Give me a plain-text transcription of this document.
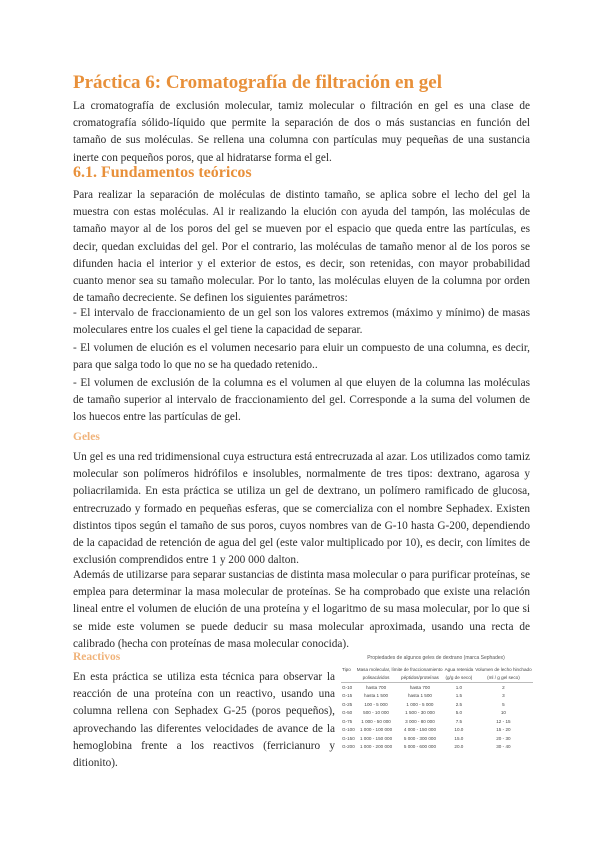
Práctica 6: Cromatografía de filtración en gel

La cromatografía de exclusión molecular, tamiz molecular o filtración en gel es una clase de cromatografía sólido-líquido que permite la separación de dos o más sustancias en función del tamaño de sus moléculas. Se rellena una columna con partículas muy pequeñas de una sustancia inerte con pequeños poros, que al hidratarse forma el gel.

6.1. Fundamentos teóricos

Para realizar la separación de moléculas de distinto tamaño, se aplica sobre el lecho del gel la muestra con estas moléculas. Al ir realizando la elución con ayuda del tampón, las moléculas de tamaño mayor al de los poros del gel se mueven por el espacio que queda entre las partículas, es decir, quedan excluidas del gel. Por el contrario, las moléculas de tamaño menor al de los poros se difunden hacia el interior y el exterior de estos, es decir, son retenidas, con mayor probabilidad cuanto menor sea su tamaño molecular. Por lo tanto, las moléculas eluyen de la columna por orden de tamaño decreciente. Se definen los siguientes parámetros:

- El intervalo de fraccionamiento de un gel son los valores extremos (máximo y mínimo) de masas moleculares entre los cuales el gel tiene la capacidad de separar.

- El volumen de elución es el volumen necesario para eluir un compuesto de una columna, es decir, para que salga todo lo que no se ha quedado retenido..

- El volumen de exclusión de la columna es el volumen al que eluyen de la columna las moléculas de tamaño superior al intervalo de fraccionamiento del gel. Corresponde a la suma del volumen de los huecos entre las partículas de gel.

Geles

Un gel es una red tridimensional cuya estructura está entrecruzada al azar. Los utilizados como tamiz molecular son polímeros hidrófilos e insolubles, normalmente de tres tipos: dextrano, agarosa y poliacrilamida. En esta práctica se utiliza un gel de dextrano, un polímero ramificado de glucosa, entrecruzado y formado en pequeñas esferas, que se comercializa con el nombre Sephadex. Existen distintos tipos según el tamaño de sus poros, cuyos nombres van de G-10 hasta G-200, dependiendo de la capacidad de retención de agua del gel (este valor multiplicado por 10), es decir, con límites de exclusión comprendidos entre 1 y 200 000 dalton.

Además de utilizarse para separar sustancias de distinta masa molecular o para purificar proteínas, se emplea para determinar la masa molecular de proteínas. Se ha comprobado que existe una relación lineal entre el volumen de elución de una proteína y el logaritmo de su masa molecular, por lo que si se mide este volumen se puede deducir su masa molecular aproximada, usando una recta de calibrado (hecha con proteínas de masa molecular conocida).

Reactivos

En esta práctica se utiliza esta técnica para observar la reacción de una proteína con un reactivo, usando una columna rellena con Sephadex G-25 (poros pequeños), aprovechando las diferentes velocidades de avance de la hemoglobina frente a los reactivos (ferricianuro y ditionito).

Propiedades de algunos geles de dextrano (marca Sephadex)
Tipo	Masa molecular, límite de fraccionamiento		Agua retenida	Volumen de lecho hinchado
	polisacáridos	péptidos/proteínas	(g/g de seco)	(ml / g gel seco)
G-10	hasta 700	hasta 700	1.0	2
G-15	hasta 1 500	hasta 1 500	1.5	3
G-25	100 - 5 000	1 000 - 5 000	2.5	5
G-50	500 - 10 000	1 500 - 30 000	5.0	10
G-75	1 000 - 50 000	3 000 - 80 000	7.5	12 - 15
G-100	1 000 - 100 000	4 000 - 150 000	10.0	15 - 20
G-150	1 000 - 150 000	5 000 - 300 000	15.0	20 - 30
G-200	1 000 - 200 000	5 000 - 600 000	20.0	30 - 40
